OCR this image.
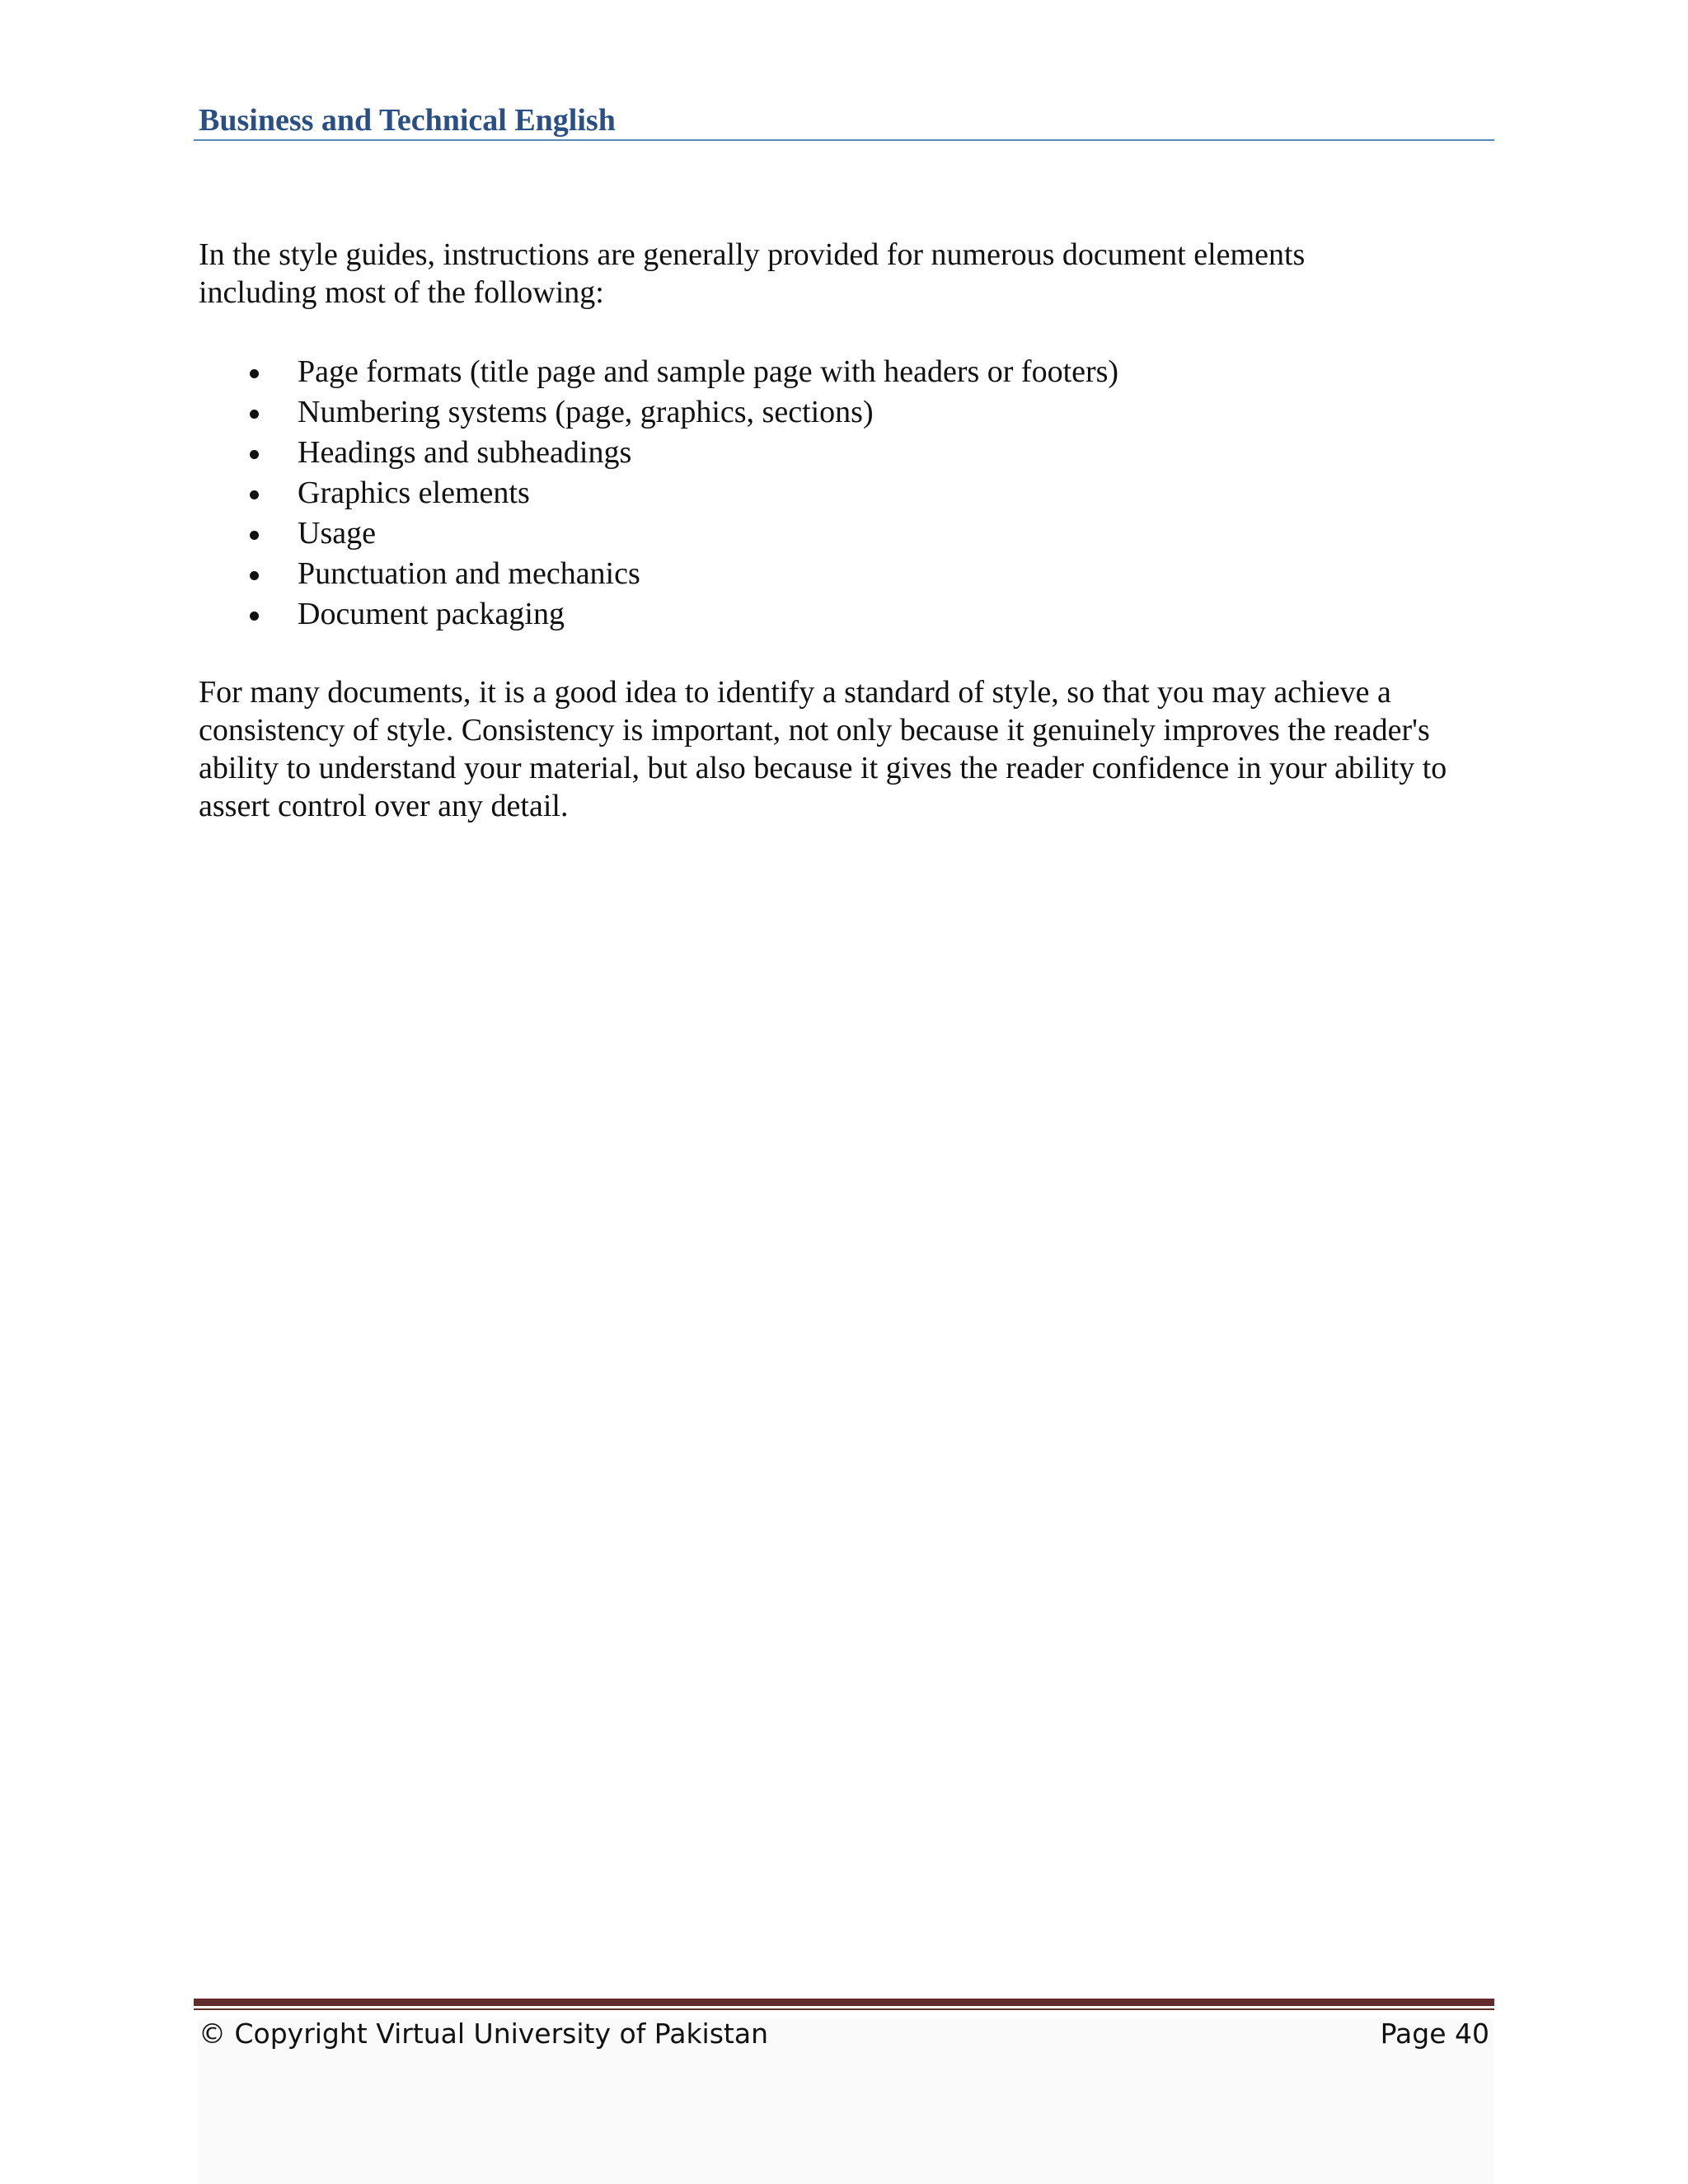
Business and Technical English

In the style guides, instructions are generally provided for numerous document elements including most of the following:

Page formats (title page and sample page with headers or footers)
Numbering systems (page, graphics, sections)
Headings and subheadings
Graphics elements
Usage
Punctuation and mechanics
Document packaging

For many documents, it is a good idea to identify a standard of style, so that you may achieve a consistency of style. Consistency is important, not only because it genuinely improves the reader's ability to understand your material, but also because it gives the reader confidence in your ability to assert control over any detail.

© Copyright Virtual University of Pakistan	Page 40
